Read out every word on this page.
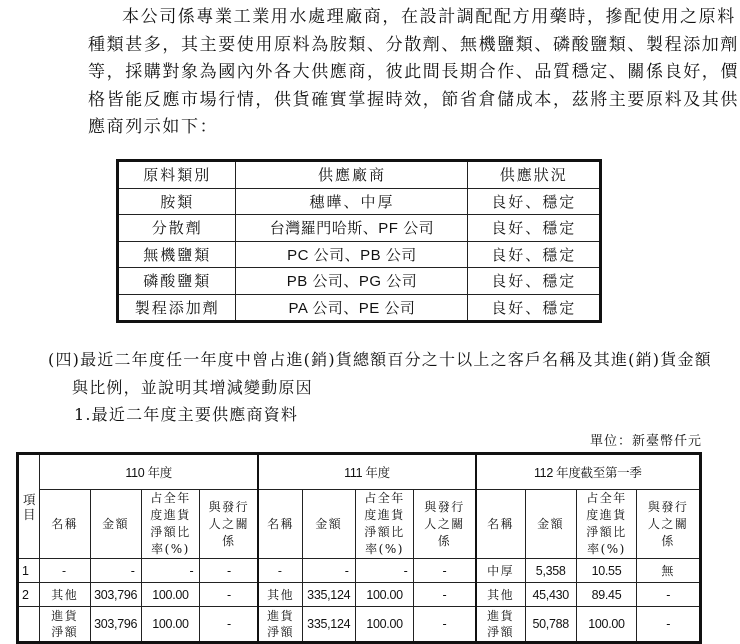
本公司係專業工業用水處理廠商，在設計調配配方用藥時，摻配使用之原料
種類甚多，其主要使用原料為胺類、分散劑、無機鹽類、磷酸鹽類、製程添加劑
等，採購對象為國內外各大供應商，彼此間長期合作、品質穩定、關係良好，價
格皆能反應市場行情，供貨確實掌握時效，節省倉儲成本，茲將主要原料及其供
應商列示如下：
原料類別	供應廠商	供應狀況
胺類	穗曄、中厚	良好、穩定
分散劑	台灣羅門哈斯、PF 公司	良好、穩定
無機鹽類	PC 公司、PB 公司	良好、穩定
磷酸鹽類	PB 公司、PG 公司	良好、穩定
製程添加劑	PA 公司、PE 公司	良好、穩定
(四)最近二年度任一年度中曾占進(銷)貨總額百分之十以上之客戶名稱及其進(銷)貨金額
與比例，並說明其增減變動原因
1.最近二年度主要供應商資料
單位：新臺幣仟元
項目	110 年度				111 年度				112 年度截至第一季			
	名稱	金額	占全年度進貨淨額比率(%)	與發行人之關係	名稱	金額	占全年度進貨淨額比率(%)	與發行人之關係	名稱	金額	占全年度進貨淨額比率(%)	與發行人之關係
1	-	-	-	-	-	-	-	-	中厚	5,358	10.55	無
2	其他	303,796	100.00	-	其他	335,124	100.00	-	其他	45,430	89.45	-
	進貨淨額	303,796	100.00	-	進貨淨額	335,124	100.00	-	進貨淨額	50,788	100.00	-
